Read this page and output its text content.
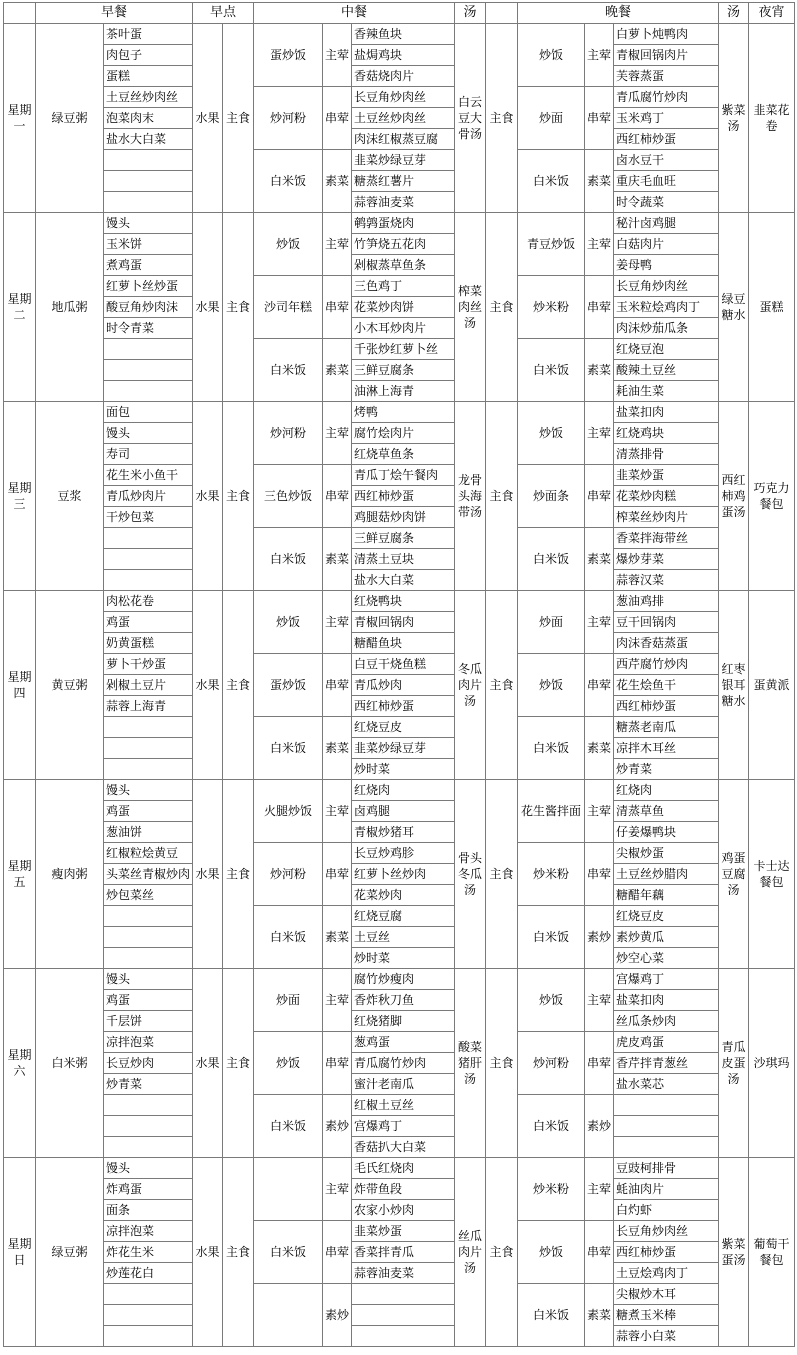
	早餐		早点		中餐			汤		晚餐			汤	夜宵
星期一	绿豆粥	茶叶蛋	水果	主食	蛋炒饭	主荤	香辣鱼块	白云豆大骨汤	主食	炒饭	主荤	白萝卜炖鸭肉	紫菜汤	韭菜花卷
		肉包子					盐焗鸡块					青椒回锅肉片		
		蛋糕					香菇烧肉片					芙蓉蒸蛋		
		土豆丝炒肉丝			炒河粉	串荤	长豆角炒肉丝			炒面	串荤	青瓜腐竹炒肉		
		泡菜肉末					土豆丝炒肉丝					玉米鸡丁		
		盐水大白菜					肉沫红椒蒸豆腐					西红柿炒蛋		
					白米饭	素菜	韭菜炒绿豆芽			白米饭	素菜	卤水豆干		
							糖蒸红薯片					重庆毛血旺		
							蒜蓉油麦菜					时令蔬菜		
星期二	地瓜粥	馒头	水果	主食	炒饭	主荤	鹌鹑蛋烧肉	榨菜肉丝汤	主食	青豆炒饭	主荤	秘汁卤鸡腿	绿豆糖水	蛋糕
		玉米饼					竹笋烧五花肉					白菇肉片		
		煮鸡蛋					剁椒蒸草鱼条					姜母鸭		
		红萝卜丝炒蛋			沙司年糕	串荤	三色鸡丁			炒米粉	串荤	长豆角炒肉丝		
		酸豆角炒肉沫					花菜炒肉饼					玉米粒烩鸡肉丁		
		时令青菜					小木耳炒肉片					肉沫炒茄瓜条		
					白米饭	素菜	千张炒红萝卜丝			白米饭	素菜	红烧豆泡		
							三鲜豆腐条					酸辣土豆丝		
							油淋上海青					耗油生菜		
星期三	豆浆	面包	水果	主食	炒河粉	主荤	烤鸭	龙骨头海带汤	主食	炒饭	主荤	盐菜扣肉	西红柿鸡蛋汤	巧克力餐包
		馒头					腐竹烩肉片					红烧鸡块		
		寿司					红烧草鱼条					清蒸排骨		
		花生米小鱼干			三色炒饭	串荤	青瓜丁烩午餐肉			炒面条	串荤	韭菜炒蛋		
		青瓜炒肉片					西红柿炒蛋					花菜炒肉糕		
		干炒包菜					鸡腿菇炒肉饼					榨菜丝炒肉片		
					白米饭	素菜	三鲜豆腐条			白米饭	素菜	香菜拌海带丝		
							清蒸土豆块					爆炒芽菜		
							盐水大白菜					蒜蓉汉菜		
星期四	黄豆粥	肉松花卷	水果	主食	炒饭	主荤	红烧鸭块	冬瓜肉片汤	主食	炒面	主荤	葱油鸡排	红枣银耳糖水	蛋黄派
		鸡蛋					青椒回锅肉					豆干回锅肉		
		奶黄蛋糕					糖醋鱼块					肉沫香菇蒸蛋		
		萝卜干炒蛋			蛋炒饭	串荤	白豆干烧鱼糕			炒饭	串荤	西芹腐竹炒肉		
		剁椒土豆片					青瓜炒肉					花生烩鱼干		
		蒜蓉上海青					西红柿炒蛋					西红柿炒蛋		
					白米饭	素菜	红烧豆皮			白米饭	素菜	糖蒸老南瓜		
							韭菜炒绿豆芽					凉拌木耳丝		
							炒时菜					炒青菜		
星期五	瘦肉粥	馒头	水果	主食	火腿炒饭	主荤	红烧肉	骨头冬瓜汤	主食	花生酱拌面	主荤	红烧肉	鸡蛋豆腐汤	卡士达餐包
		鸡蛋					卤鸡腿					清蒸草鱼		
		葱油饼					青椒炒猪耳					仔姜爆鸭块		
		红椒粒烩黄豆			炒河粉	串荤	长豆炒鸡胗			炒米粉	串荤	尖椒炒蛋		
		头菜丝青椒炒肉					红萝卜丝炒肉					土豆丝炒腊肉		
		炒包菜丝					花菜炒肉					糖醋年藕		
					白米饭	素菜	红烧豆腐			白米饭	素炒	红烧豆皮		
							土豆丝					素炒黄瓜		
							炒时菜					炒空心菜		
星期六	白米粥	馒头	水果	主食	炒面	主荤	腐竹炒瘦肉	酸菜猪肝汤	主食	炒饭	主荤	宫爆鸡丁	青瓜皮蛋汤	沙琪玛
		鸡蛋					香炸秋刀鱼					盐菜扣肉		
		千层饼					红烧猪脚					丝瓜条炒肉		
		凉拌泡菜			炒饭	串荤	葱鸡蛋			炒河粉	串荤	虎皮鸡蛋		
		长豆炒肉					青瓜腐竹炒肉					香芹拌青葱丝		
		炒青菜					蜜汁老南瓜					盐水菜芯		
					白米饭	素炒	红椒土豆丝			白米饭	素炒			
							宫爆鸡丁							
							香菇扒大白菜							
星期日	绿豆粥	馒头	水果	主食		主荤	毛氏红烧肉	丝瓜肉片汤	主食	炒米粉	主荤	豆豉柯排骨	紫菜蛋汤	葡萄干餐包
		炸鸡蛋					炸带鱼段					蚝油肉片		
		面条					农家小炒肉					白灼虾		
		凉拌泡菜			白米饭	串荤	韭菜炒蛋			炒饭	串荤	长豆角炒肉丝		
		炸花生米					香菜拌青瓜					西红柿炒蛋		
		炒莲花白					蒜蓉油麦菜					土豆烩鸡肉丁		
						素炒				白米饭	素菜	尖椒炒木耳		
												糖煮玉米棒		
												蒜蓉小白菜		
